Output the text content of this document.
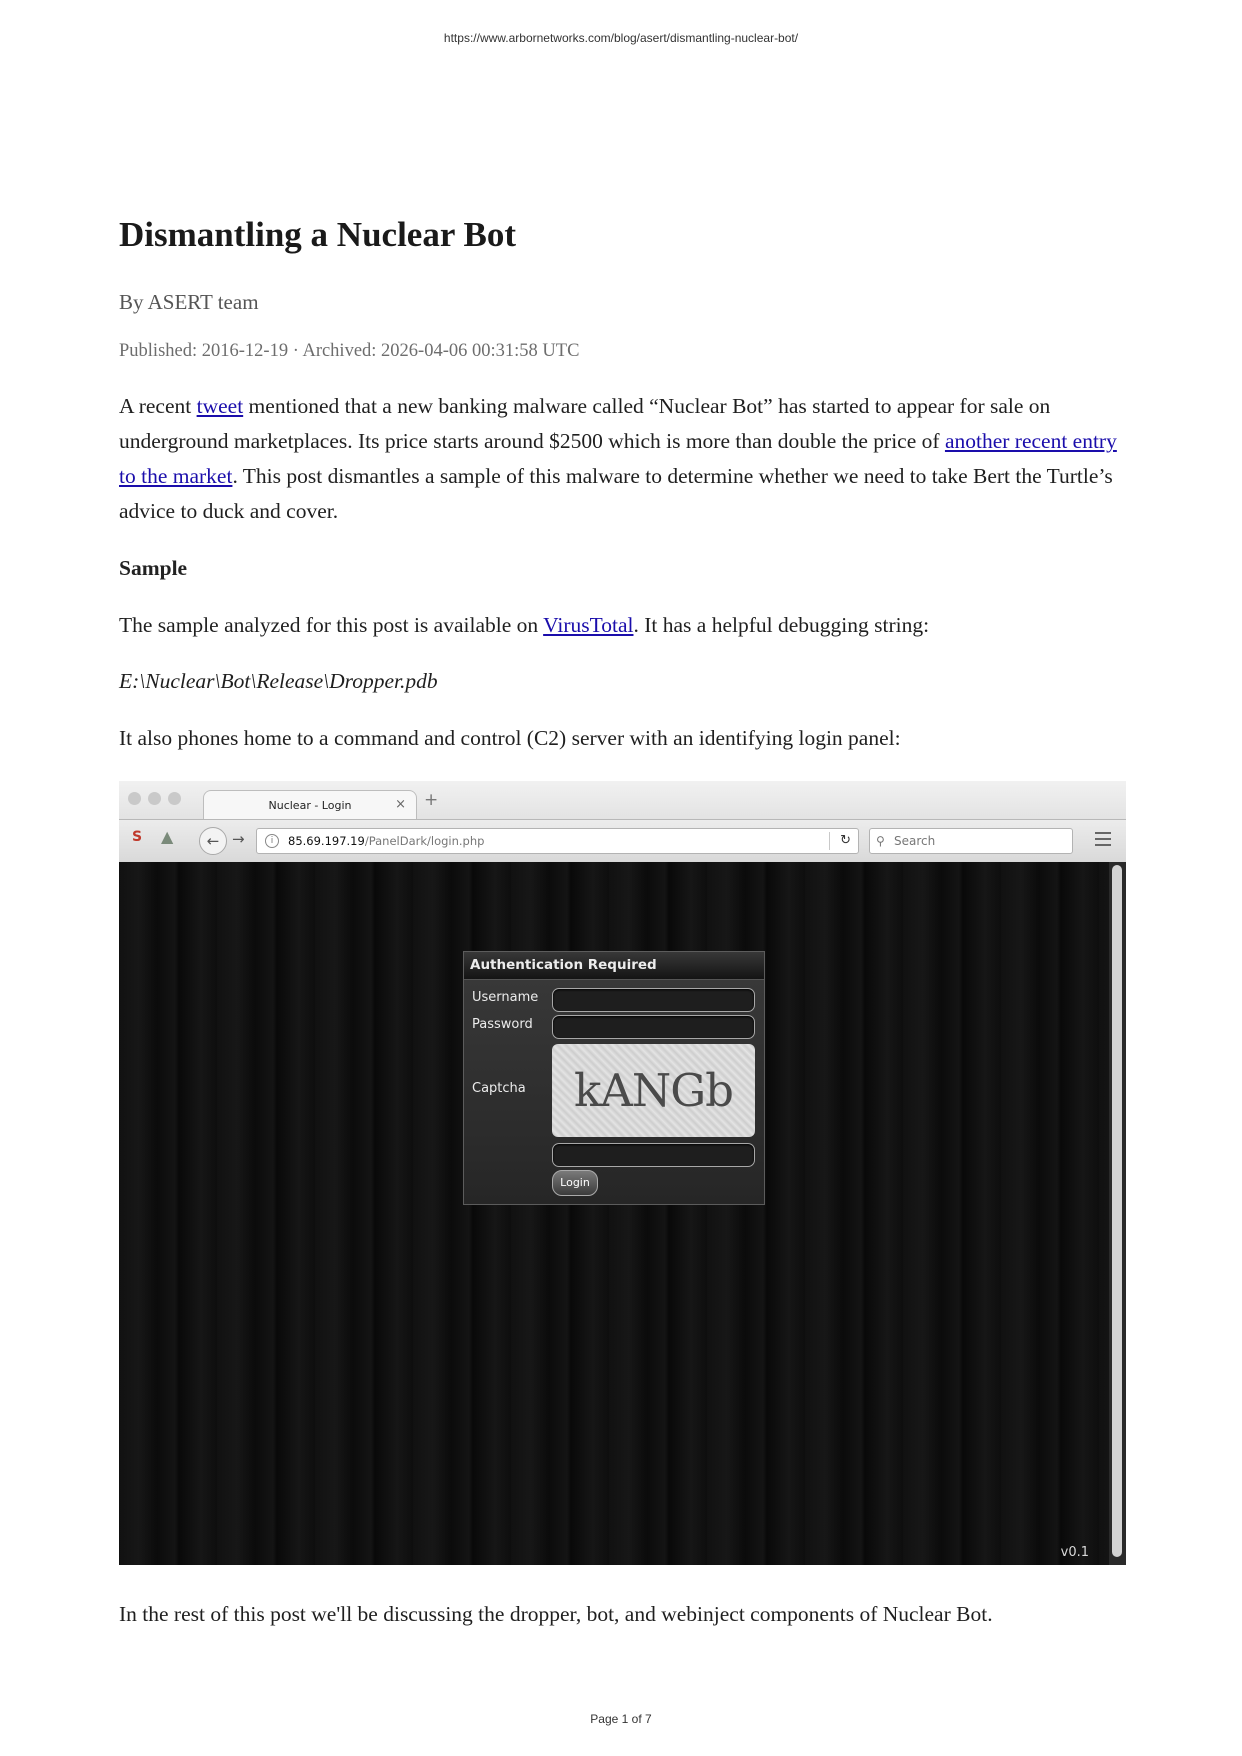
https://www.arbornetworks.com/blog/asert/dismantling-nuclear-bot/
Dismantling a Nuclear Bot
By ASERT team
Published: 2016-12-19 · Archived: 2026-04-06 00:31:58 UTC

A recent tweet mentioned that a new banking malware called “Nuclear Bot” has started to appear for sale on underground marketplaces. Its price starts around $2500 which is more than double the price of another recent entry to the market. This post dismantles a sample of this malware to determine whether we need to take Bert the Turtle’s advice to duck and cover.

Sample

The sample analyzed for this post is available on VirusTotal. It has a helpful debugging string:

E:\Nuclear\Bot\Release\Dropper.pdb

It also phones home to a command and control (C2) server with an identifying login panel:

Nuclear - Login	× +
S ▲	← →	i	85.69.197.19/PanelDark/login.php	↻ ⚲ Search
Authentication Required
Username
Password
Captcha	kANGb
Login
v0.1

In the rest of this post we'll be discussing the dropper, bot, and webinject components of Nuclear Bot.

Page 1 of 7
